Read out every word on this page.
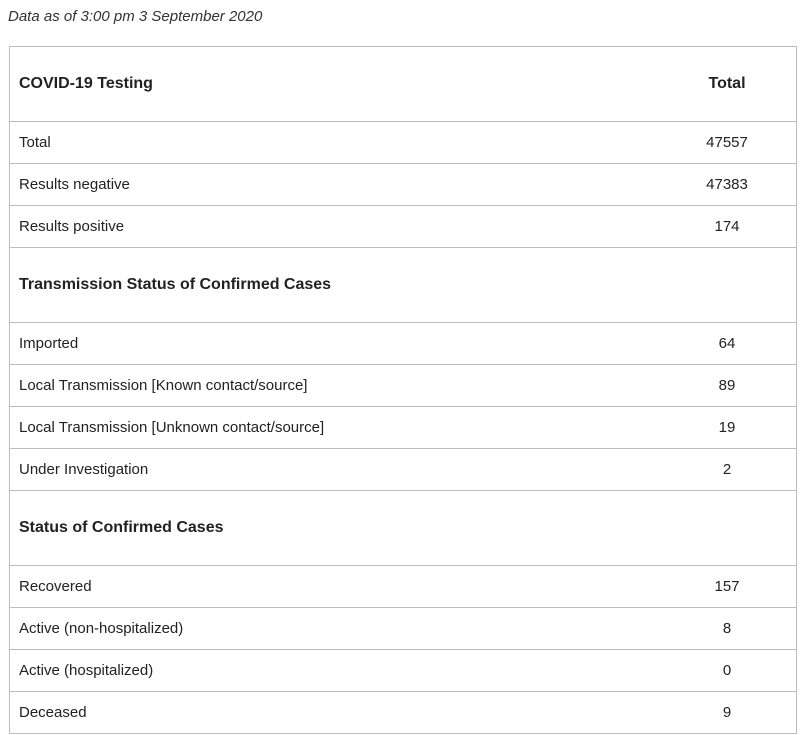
Data as of 3:00 pm 3 September 2020

COVID-19 Testing	Total
Total	47557
Results negative	47383
Results positive	174
Transmission Status of Confirmed Cases	
Imported	64
Local Transmission [Known contact/source]	89
Local Transmission [Unknown contact/source]	19
Under Investigation	2
Status of Confirmed Cases	
Recovered	157
Active (non-hospitalized)	8
Active (hospitalized)	0
Deceased	9
